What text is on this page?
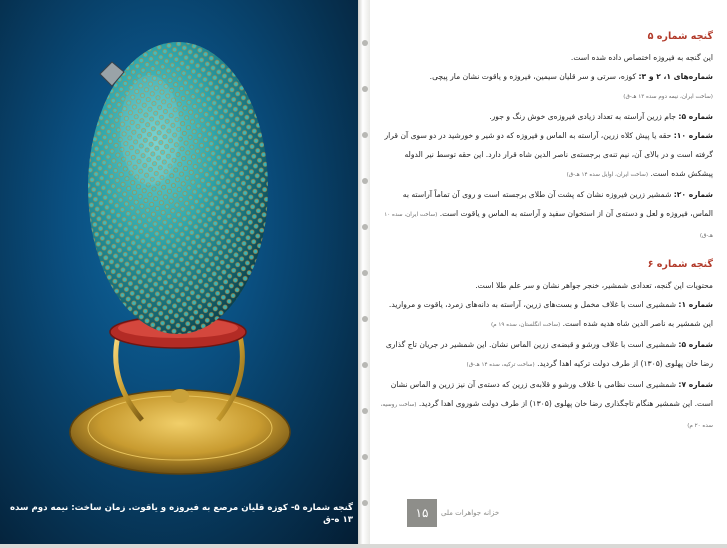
گنجه شماره ۵- کوزه قلیان مرصع به فیروزه و یاقوت. زمان ساخت: نیمه دوم سده ۱۳ ه-ق

گنجه شماره ۵

این گنجه به فیروزه اختصاص داده شده است.

شماره‌های ۱، ۲ و ۳: کوزه، سرتی و سر قلیان سیمین، فیروزه و یاقوت نشان مار پیچی.

(ساخت ایران، نیمه دوم سده ۱۳ هـ-ق)

شماره ۵: جام زرین آراسته به تعداد زیادی فیروزه‌ی خوش رنگ و جور.

شماره ۱۰: حقه یا پیش کلاه زرین، آراسته به الماس و فیروزه که دو شیر و خورشید در دو سوی آن قرار گرفته است و در بالای آن، نیم تنه‌ی برجسته‌ی ناصر الدین شاه قرار دارد. این حقه توسط نیر الدوله پیشکش شده است. (ساخت ایران، اوایل سده ۱۴ هـ-ق)

شماره ۲۰: شمشیر زرین فیروزه نشان که پشت آن طلای برجسته است و روی آن تماماً آراسته به الماس، فیروزه و لعل و دسته‌ی آن از استخوان سفید و آراسته به الماس و یاقوت است. (ساخت ایران، سده ۱۰ هـ-ق)

گنجه شماره ۶

محتویات این گنجه، تعدادی شمشیر، خنجر جواهر نشان و سر علم طلا است.

شماره ۱: شمشیری است با غلاف مخمل و بست‌های زرین، آراسته به دانه‌های زمرد، یاقوت و مروارید.

این شمشیر به ناصر الدین شاه هدیه شده است. (ساخت انگلستان، سده ۱۹ م)

شماره ۵: شمشیری است با غلاف ورشو و قبضه‌ی زرین الماس نشان. این شمشیر در جریان تاج گذاری رضا خان پهلوی (۱۳۰۵) از طرف دولت ترکیه اهدا گردید. (ساخت ترکیه، سده ۱۴ هـ-ق)

شماره ۷: شمشیری است نظامی با غلاف ورشو و قلابه‌ی زرین که دسته‌ی آن نیز زرین و الماس نشان است. این شمشیر هنگام تاجگذاری رضا خان پهلوی (۱۳۰۵) از طرف دولت شوروی اهدا گردید. (ساخت روسیه، سده ۲۰ م)

۱۵	خزانه جواهرات ملی
